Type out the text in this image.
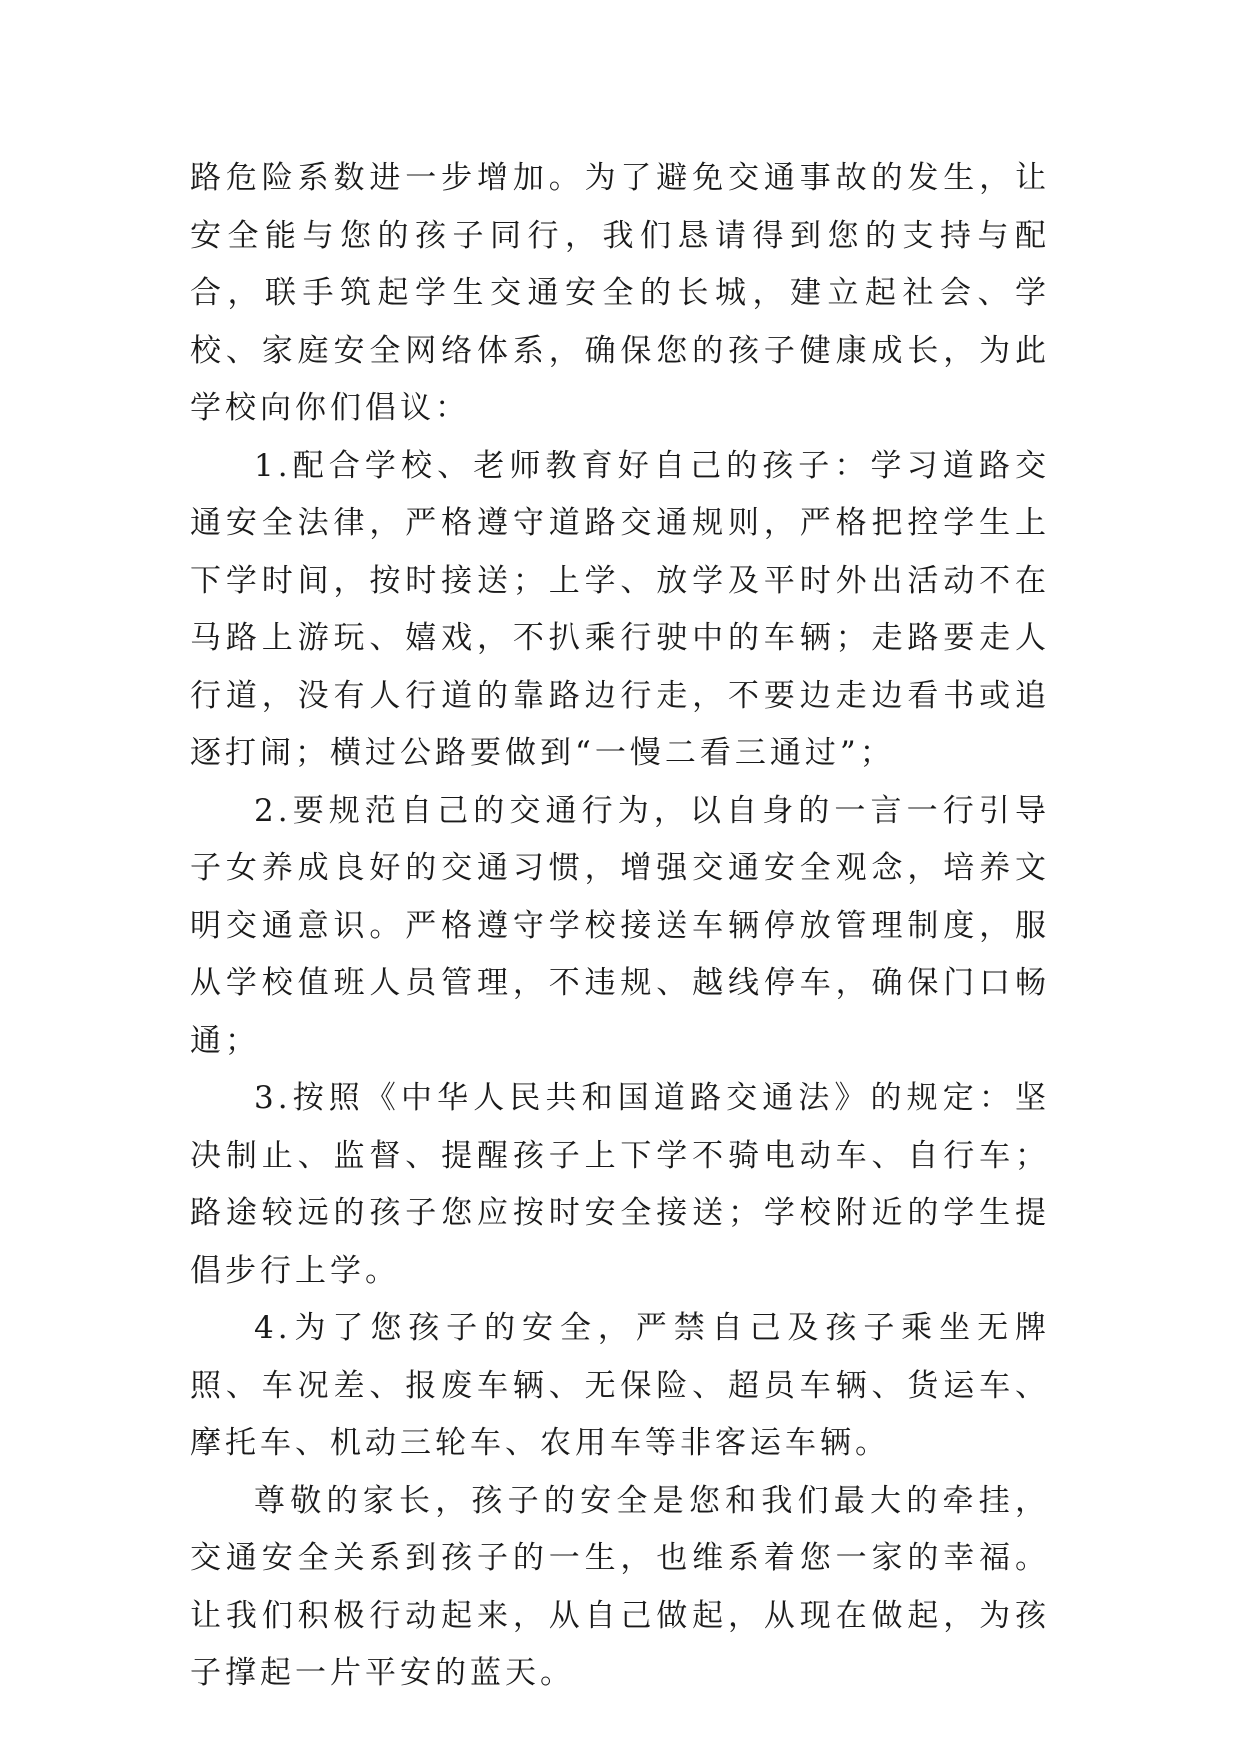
路危险系数进一步增加。为了避免交通事故的发生，让安全能与您的孩子同行，我们恳请得到您的支持与配合，联手筑起学生交通安全的长城，建立起社会、学校、家庭安全网络体系，确保您的孩子健康成长，为此学校向你们倡议：

1.配合学校、老师教育好自己的孩子：学习道路交通安全法律，严格遵守道路交通规则，严格把控学生上下学时间，按时接送；上学、放学及平时外出活动不在马路上游玩、嬉戏，不扒乘行驶中的车辆；走路要走人行道，没有人行道的靠路边行走，不要边走边看书或追逐打闹；横过公路要做到“一慢二看三通过”；

2.要规范自己的交通行为，以自身的一言一行引导子女养成良好的交通习惯，增强交通安全观念，培养文明交通意识。严格遵守学校接送车辆停放管理制度，服从学校值班人员管理，不违规、越线停车，确保门口畅通；

3.按照《中华人民共和国道路交通法》的规定：坚决制止、监督、提醒孩子上下学不骑电动车、自行车；路途较远的孩子您应按时安全接送；学校附近的学生提倡步行上学。

4.为了您孩子的安全，严禁自己及孩子乘坐无牌照、车况差、报废车辆、无保险、超员车辆、货运车、摩托车、机动三轮车、农用车等非客运车辆。

尊敬的家长，孩子的安全是您和我们最大的牵挂，交通安全关系到孩子的一生，也维系着您一家的幸福。让我们积极行动起来，从自己做起，从现在做起，为孩子撑起一片平安的蓝天。
